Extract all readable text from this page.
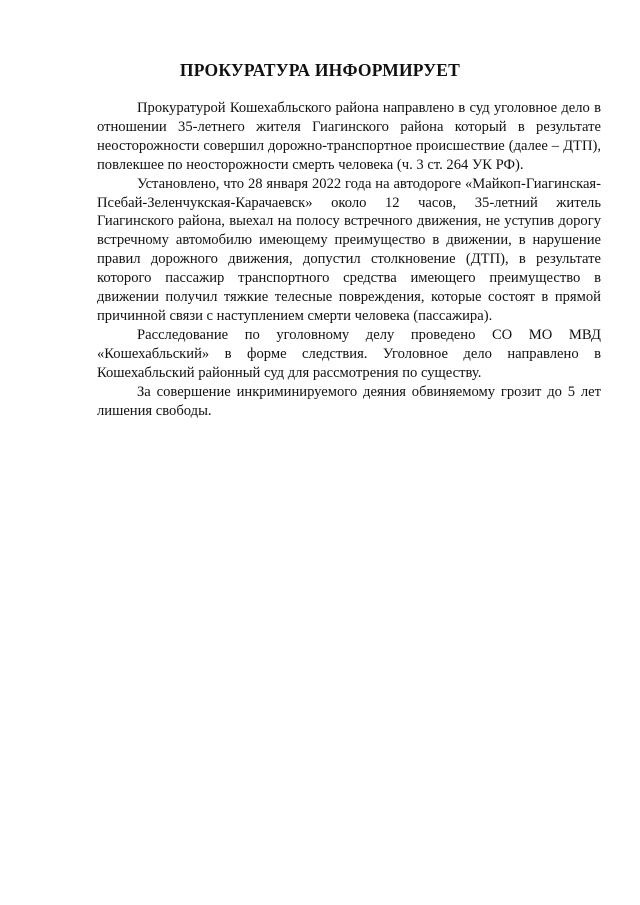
ПРОКУРАТУРА ИНФОРМИРУЕТ

Прокуратурой Кошехабльского района направлено в суд уголовное дело в отношении 35-летнего жителя Гиагинского района который в результате неосторожности совершил дорожно-транспортное происшествие (далее – ДТП), повлекшее по неосторожности смерть человека (ч. 3 ст. 264 УК РФ).

Установлено, что 28 января 2022 года на автодороге «Майкоп-Гиагинская-Псебай-Зеленчукская-Карачаевск» около 12 часов, 35-летний житель Гиагинского района, выехал на полосу встречного движения, не уступив дорогу встречному автомобилю имеющему преимущество в движении, в нарушение правил дорожного движения, допустил столкновение (ДТП), в результате которого пассажир транспортного средства имеющего преимущество в движении получил тяжкие телесные повреждения, которые состоят в прямой причинной связи с наступлением смерти человека (пассажира).

Расследование по уголовному делу проведено СО МО МВД «Кошехабльский» в форме следствия. Уголовное дело направлено в Кошехабльский районный суд для рассмотрения по существу.

За совершение инкриминируемого деяния обвиняемому грозит до 5 лет лишения свободы.
